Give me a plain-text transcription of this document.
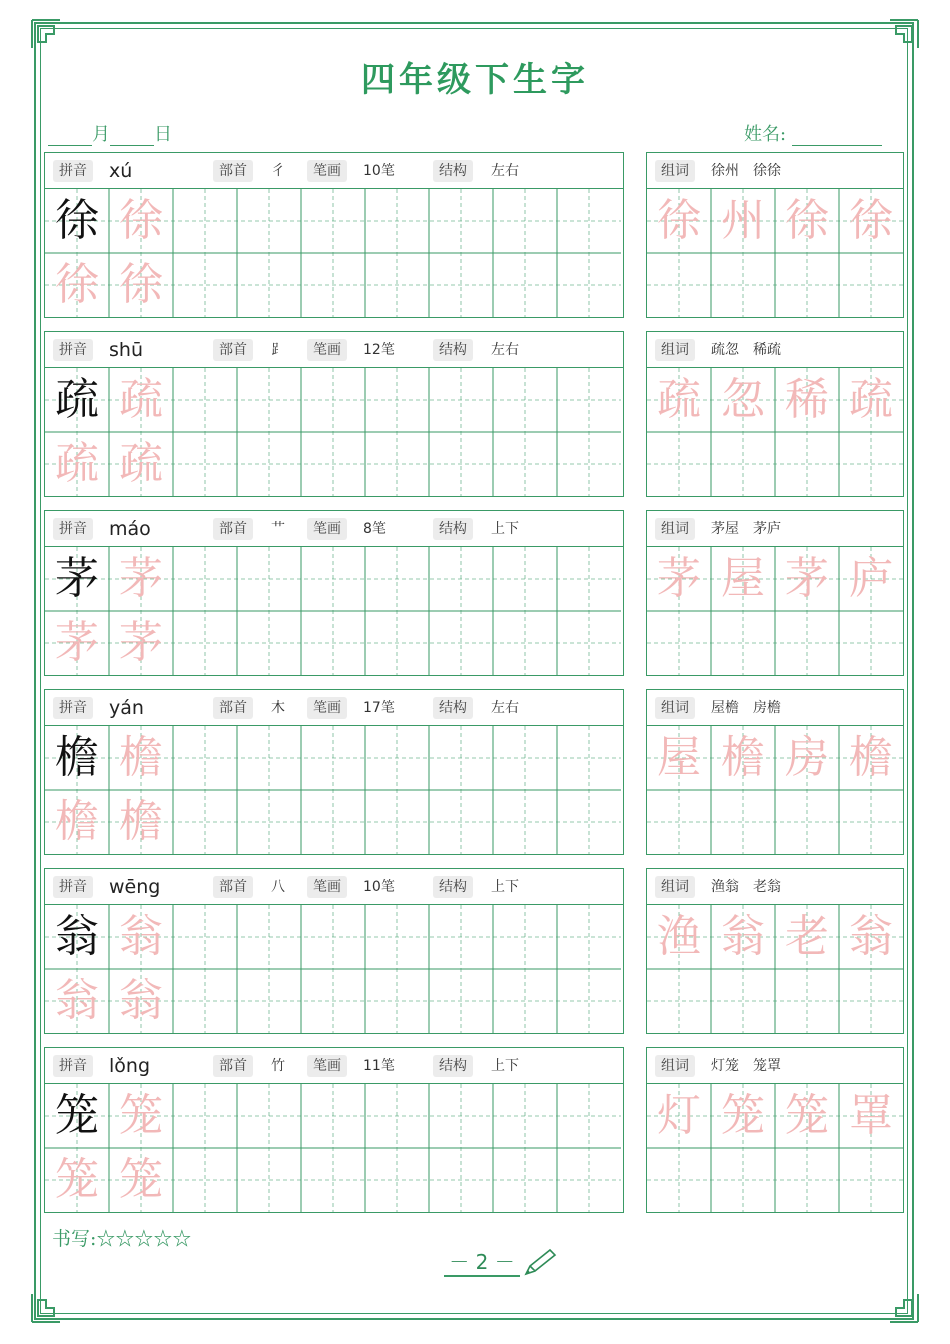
四年级下生字
月 日	姓名:
拼音	xú	部首	彳	笔画	10笔	结构	左右
徐 徐
徐 徐
组词	徐州　徐徐
徐 州 徐 徐
拼音	shū	部首	⻊	笔画	12笔	结构	左右
疏 疏
疏 疏
组词	疏忽　稀疏
疏 忽 稀 疏
拼音	máo	部首	艹	笔画	8笔	结构	上下
茅 茅
茅 茅
组词	茅屋　茅庐
茅 屋 茅 庐
拼音	yán	部首	木	笔画	17笔	结构	左右
檐 檐
檐 檐
组词	屋檐　房檐
屋 檐 房 檐
拼音	wēng	部首	八	笔画	10笔	结构	上下
翁 翁
翁 翁
组词	渔翁　老翁
渔 翁 老 翁
拼音	lǒng	部首	竹	笔画	11笔	结构	上下
笼 笼
笼 笼
组词	灯笼　笼罩
灯 笼 笼 罩
书写:☆☆☆☆☆
－ 2 －
